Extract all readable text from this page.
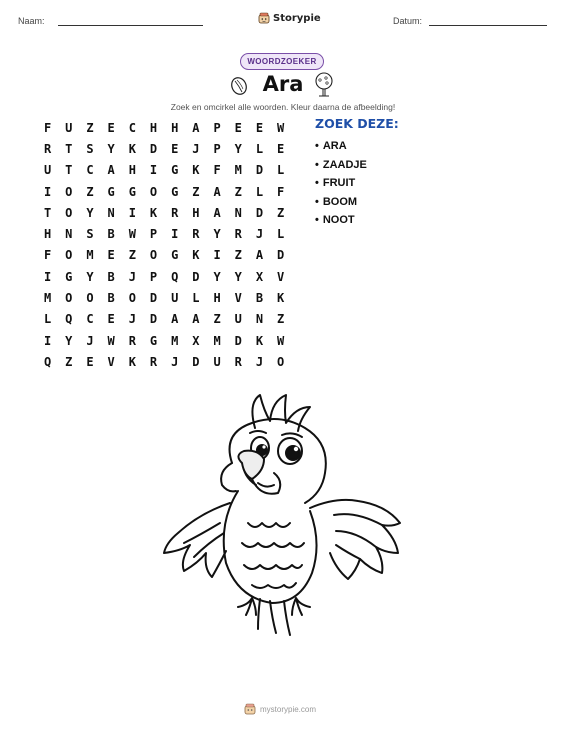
Naam:	Storypie	Datum:
WOORDZOEKER
Ara
Zoek en omcirkel alle woorden. Kleur daarna de afbeelding!
F	U	Z	E	C	H	H	A	P	E	E	W
R	T	S	Y	K	D	E	J	P	Y	L	E
U	T	C	A	H	I	G	K	F	M	D	L
I	O	Z	G	G	O	G	Z	A	Z	L	F
T	O	Y	N	I	K	R	H	A	N	D	Z
H	N	S	B	W	P	I	R	Y	R	J	L
F	O	M	E	Z	O	G	K	I	Z	A	D
I	G	Y	B	J	P	Q	D	Y	Y	X	V
M	O	O	B	O	D	U	L	H	V	B	K
L	Q	C	E	J	D	A	A	Z	U	N	Z
I	Y	J	W	R	G	M	X	M	D	K	W
Q	Z	E	V	K	R	J	D	U	R	J	O
ZOEK DEZE:
• ARA
• ZAADJE
• FRUIT
• BOOM
• NOOT
mystorypie.com
